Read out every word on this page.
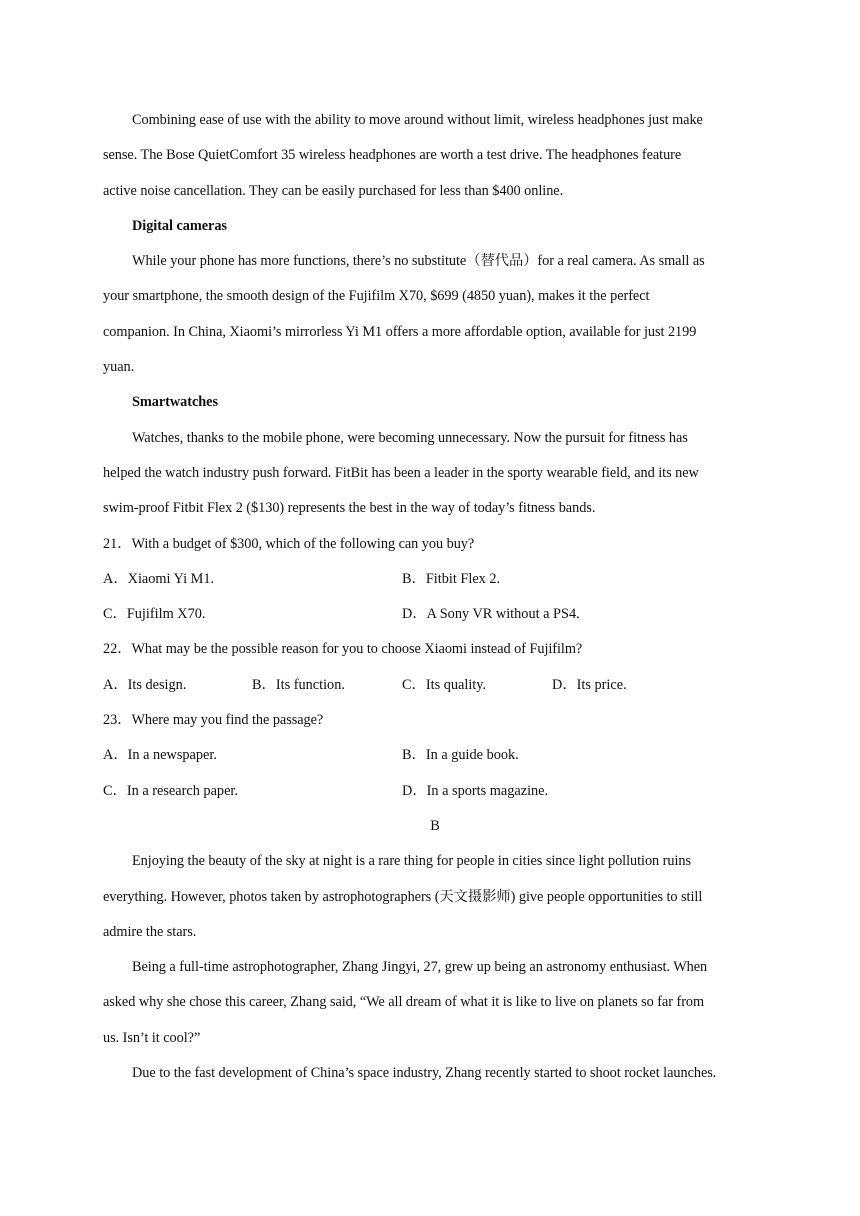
Combining ease of use with the ability to move around without limit, wireless headphones just make
sense. The Bose QuietComfort 35 wireless headphones are worth a test drive. The headphones feature
active noise cancellation. They can be easily purchased for less than $400 online.
Digital cameras
While your phone has more functions, there’s no substitute（替代品）for a real camera. As small as
your smartphone, the smooth design of the Fujifilm X70, $699 (4850 yuan), makes it the perfect
companion. In China, Xiaomi’s mirrorless Yi M1 offers a more affordable option, available for just 2199
yuan.
Smartwatches
Watches, thanks to the mobile phone, were becoming unnecessary. Now the pursuit for fitness has
helped the watch industry push forward. FitBit has been a leader in the sporty wearable field, and its new
swim-proof Fitbit Flex 2 ($130) represents the best in the way of today’s fitness bands.
21．With a budget of $300, which of the following can you buy?
A．Xiaomi Yi M1.	B．Fitbit Flex 2.
C．Fujifilm X70.	D．A Sony VR without a PS4.
22．What may be the possible reason for you to choose Xiaomi instead of Fujifilm?
A．Its design.	B．Its function.	C．Its quality.	D．Its price.
23．Where may you find the passage?
A．In a newspaper.	B．In a guide book.
C．In a research paper.	D．In a sports magazine.
B
Enjoying the beauty of the sky at night is a rare thing for people in cities since light pollution ruins
everything. However, photos taken by astrophotographers (天文摄影师) give people opportunities to still
admire the stars.
Being a full-time astrophotographer, Zhang Jingyi, 27, grew up being an astronomy enthusiast. When
asked why she chose this career, Zhang said, “We all dream of what it is like to live on planets so far from
us. Isn’t it cool?”
Due to the fast development of China’s space industry, Zhang recently started to shoot rocket launches.
